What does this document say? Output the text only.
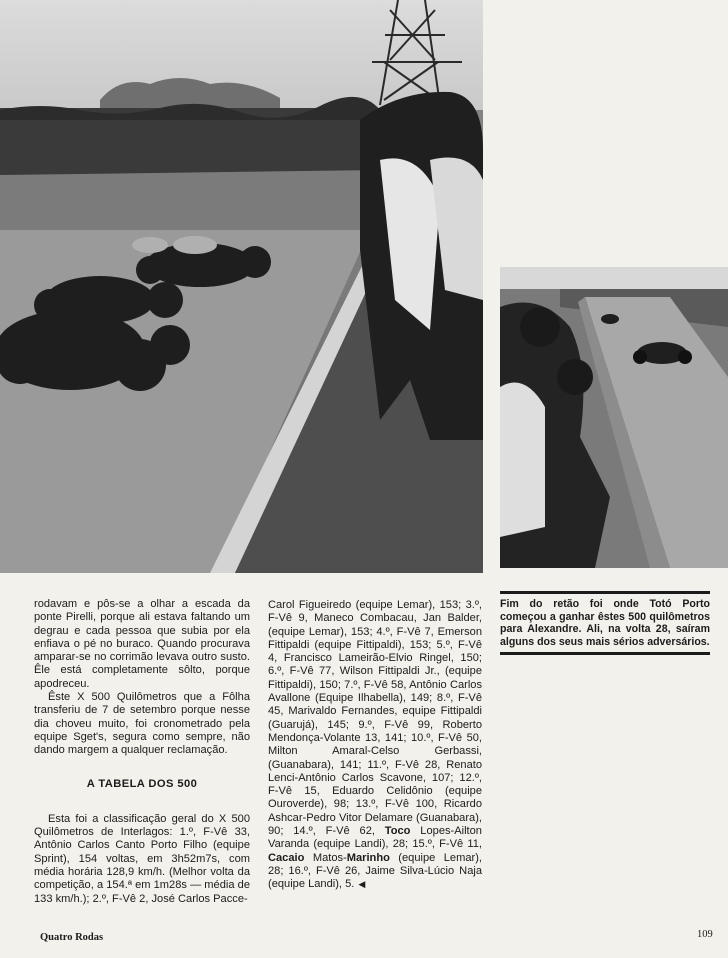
rodavam e pôs-se a olhar a escada da ponte Pirelli, porque ali estava faltando um degrau e cada pessoa que subia por ela enfiava o pé no buraco. Quando procurava amparar-se no corrimão levava outro susto. Êle está completamente sôlto, porque apodreceu.

Êste X 500 Quilômetros que a Fôlha transferiu de 7 de setembro porque nesse dia choveu muito, foi cronometrado pela equipe Sget's, segura como sempre, não dando margem a qualquer reclamação.

A TABELA DOS 500

Esta foi a classificação geral do X 500 Quilômetros de Interlagos: 1.º, F-Vê 33, Antônio Carlos Canto Porto Filho (equipe Sprint), 154 voltas, em 3h52m7s, com média horária 128,9 km/h. (Melhor volta da competição, a 154.ª em 1m28s — média de 133 km/h.); 2.º, F-Vê 2, José Carlos Pacce-

Carol Figueiredo (equipe Lemar), 153; 3.º, F-Vê 9, Maneco Combacau, Jan Balder, (equipe Lemar), 153; 4.º, F-Vê 7, Emerson Fittipaldi (equipe Fittipaldi), 153; 5.º, F-Vê 4, Francisco Lameirão-Elvio Ringel, 150; 6.º, F-Vê 77, Wilson Fittipaldi Jr., (equipe Fittipaldi), 150; 7.º, F-Vê 58, Antônio Carlos Avallone (Equipe Ilhabella), 149; 8.º, F-Vê 45, Marivaldo Fernandes, equipe Fittipaldi (Guarujá), 145; 9.º, F-Vê 99, Roberto Mendonça-Volante 13, 141; 10.º, F-Vê 50, Milton Amaral-Celso Gerbassi, (Guanabara), 141; 11.º, F-Vê 28, Renato Lenci-Antônio Carlos Scavone, 107; 12.º, F-Vê 15, Eduardo Celidônio (equipe Ouroverde), 98; 13.º, F-Vê 100, Ricardo Ashcar-Pedro Vitor Delamare (Guanabara), 90; 14.º, F-Vê 62, Toco Lopes-Ailton Varanda (equipe Landi), 28; 15.º, F-Vê 11, Cacaio Matos-Marinho (equipe Lemar), 28; 16.º, F-Vê 26, Jaime Silva-Lúcio Naja (equipe Landi), 5. ◀

Fim do retão foi onde Totó Porto começou a ganhar êstes 500 quilômetros para Alexandre. Ali, na volta 28, saíram alguns dos seus mais sérios adversários.

Quatro Rodas	109
